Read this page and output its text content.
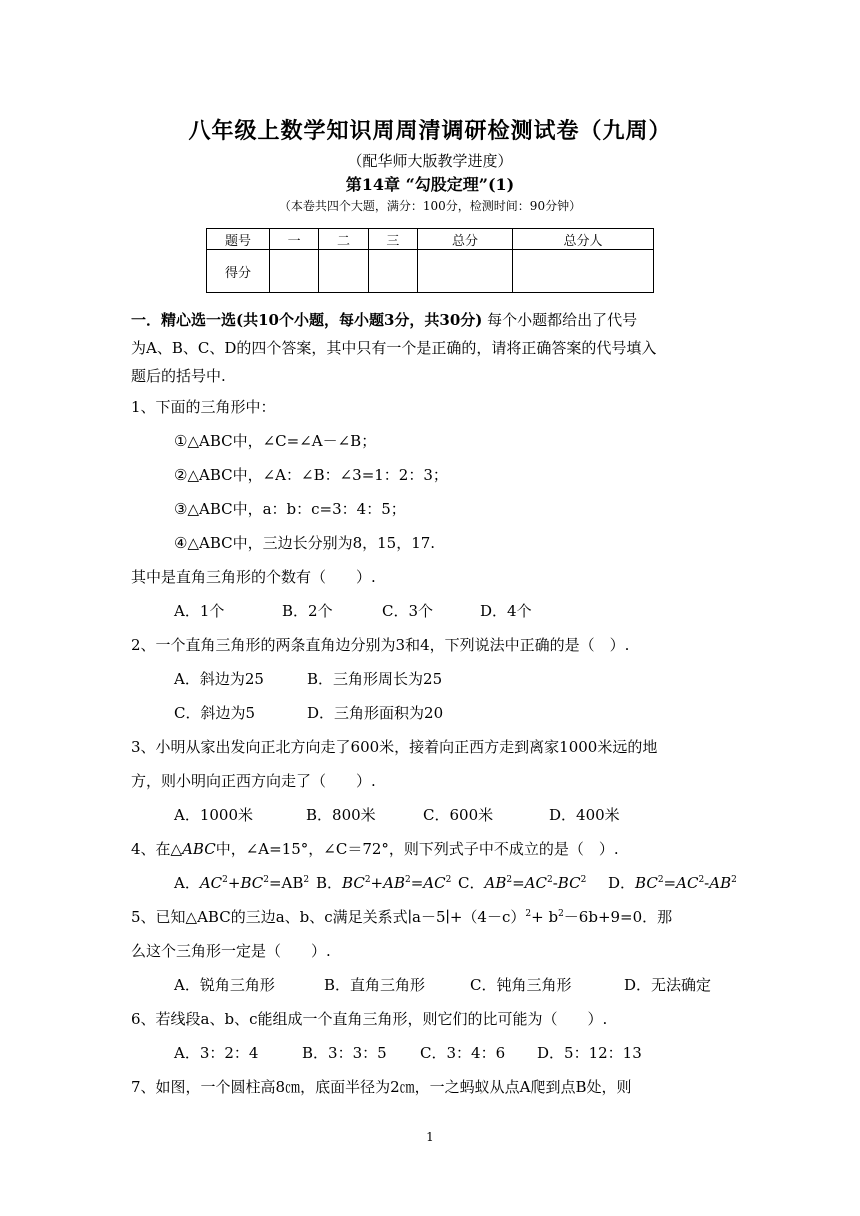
八年级上数学知识周周清调研检测试卷（九周）
（配华师大版教学进度）
第14章 “勾股定理”(1)
（本卷共四个大题，满分：100分，检测时间：90分钟）
题号	一	二	三	总分	总分人
得分					

一．精心选一选(共10个小题，每小题3分，共30分) 每个小题都给出了代号
为A、B、C、D的四个答案，其中只有一个是正确的，请将正确答案的代号填入
题后的括号中.

1、下面的三角形中：

①△ABC中，∠C=∠A－∠B；

②△ABC中，∠A：∠B：∠3=1：2：3；

③△ABC中，a：b：c=3：4：5；

④△ABC中，三边长分别为8，15，17.

其中是直角三角形的个数有（　　）.

A．1个	B．2个	C．3个	D．4个

2、一个直角三角形的两条直角边分别为3和4，下列说法中正确的是（　）.

A．斜边为25	B．三角形周长为25

C．斜边为5	D．三角形面积为20

3、小明从家出发向正北方向走了600米，接着向正西方走到离家1000米远的地
方，则小明向正西方向走了（　　）.

A．1000米	B．800米	C．600米	D．400米

4、在△ABC中，∠A=15°，∠C＝72°，则下列式子中不成立的是（　）.

A．$AC^2+BC^2=AB^2$ B．$BC^2+AB^2=AC^2$ C．$AB^2=AC^2-BC^2$ D．$BC^2=AC^2-AB^2$

5、已知△ABC的三边a、b、c满足关系式$∣a-5∣+(4-c)^2+ b^2-6b+9=0$．那
么这个三角形一定是（　　）.

A．锐角三角形	B．直角三角形	C．钝角三角形	D．无法确定

6、若线段a、b、c能组成一个直角三角形，则它们的比可能为（　　）.

A．3：2：4	B．3：3：5 C．3：4：6 D．5：12：13

7、如图，一个圆柱高8㎝，底面半径为2㎝，一之蚂蚁从点A爬到点B处，则

1
